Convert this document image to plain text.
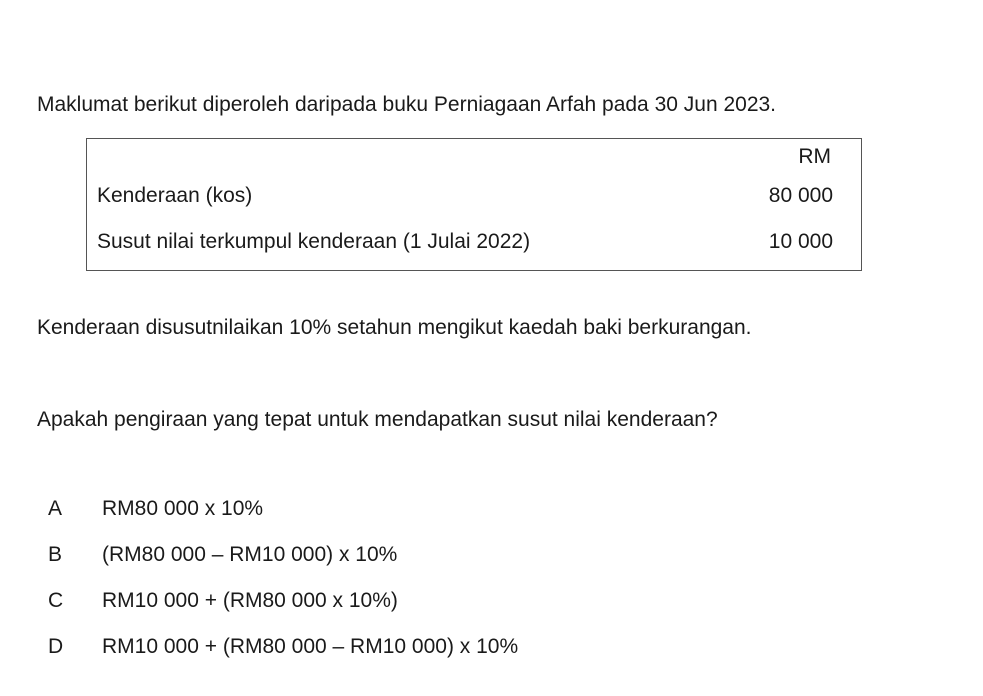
Maklumat berikut diperoleh daripada buku Perniagaan Arfah pada 30 Jun 2023.
RM
Kenderaan (kos)	80 000
Susut nilai terkumpul kenderaan (1 Julai 2022)	10 000
Kenderaan disusutnilaikan 10% setahun mengikut kaedah baki berkurangan.
Apakah pengiraan yang tepat untuk mendapatkan susut nilai kenderaan?
A	RM80 000 x 10%
B	(RM80 000 – RM10 000) x 10%
C	RM10 000 + (RM80 000 x 10%)
D	RM10 000 + (RM80 000 – RM10 000) x 10%
